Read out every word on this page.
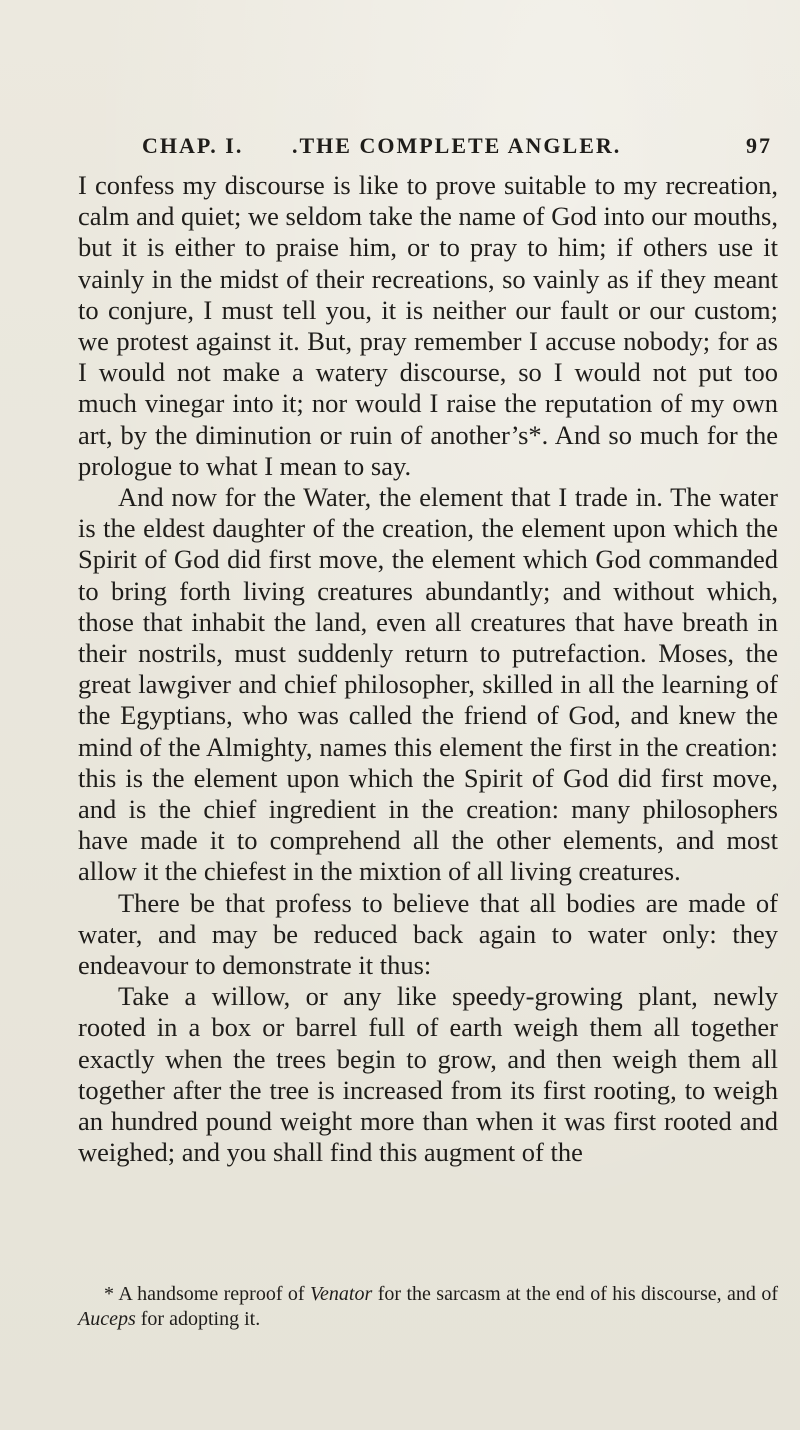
CHAP. I. .THE COMPLETE ANGLER.	97

I confess my discourse is like to prove suitable to my recreation, calm and quiet; we seldom take the name of God into our mouths, but it is either to praise him, or to pray to him; if others use it vainly in the midst of their recreations, so vainly as if they meant to conjure, I must tell you, it is neither our fault or our custom; we protest against it. But, pray remember I accuse nobody; for as I would not make a watery discourse, so I would not put too much vinegar into it; nor would I raise the reputation of my own art, by the diminution or ruin of another’s*. And so much for the prologue to what I mean to say.

And now for the Water, the element that I trade in. The water is the eldest daughter of the creation, the element upon which the Spirit of God did first move, the element which God commanded to bring forth living creatures abundantly; and without which, those that inhabit the land, even all creatures that have breath in their nostrils, must suddenly return to putrefaction. Moses, the great lawgiver and chief philosopher, skilled in all the learning of the Egyptians, who was called the friend of God, and knew the mind of the Almighty, names this element the first in the creation: this is the element upon which the Spirit of God did first move, and is the chief ingredient in the creation: many philosophers have made it to comprehend all the other elements, and most allow it the chiefest in the mixtion of all living creatures.

There be that profess to believe that all bodies are made of water, and may be reduced back again to water only: they endeavour to demonstrate it thus:

Take a willow, or any like speedy-growing plant, newly rooted in a box or barrel full of earth weigh them all together exactly when the trees begin to grow, and then weigh them all together after the tree is increased from its first rooting, to weigh an hundred pound weight more than when it was first rooted and weighed; and you shall find this augment of the

* A handsome reproof of Venator for the sarcasm at the end of his discourse, and of Auceps for adopting it.
